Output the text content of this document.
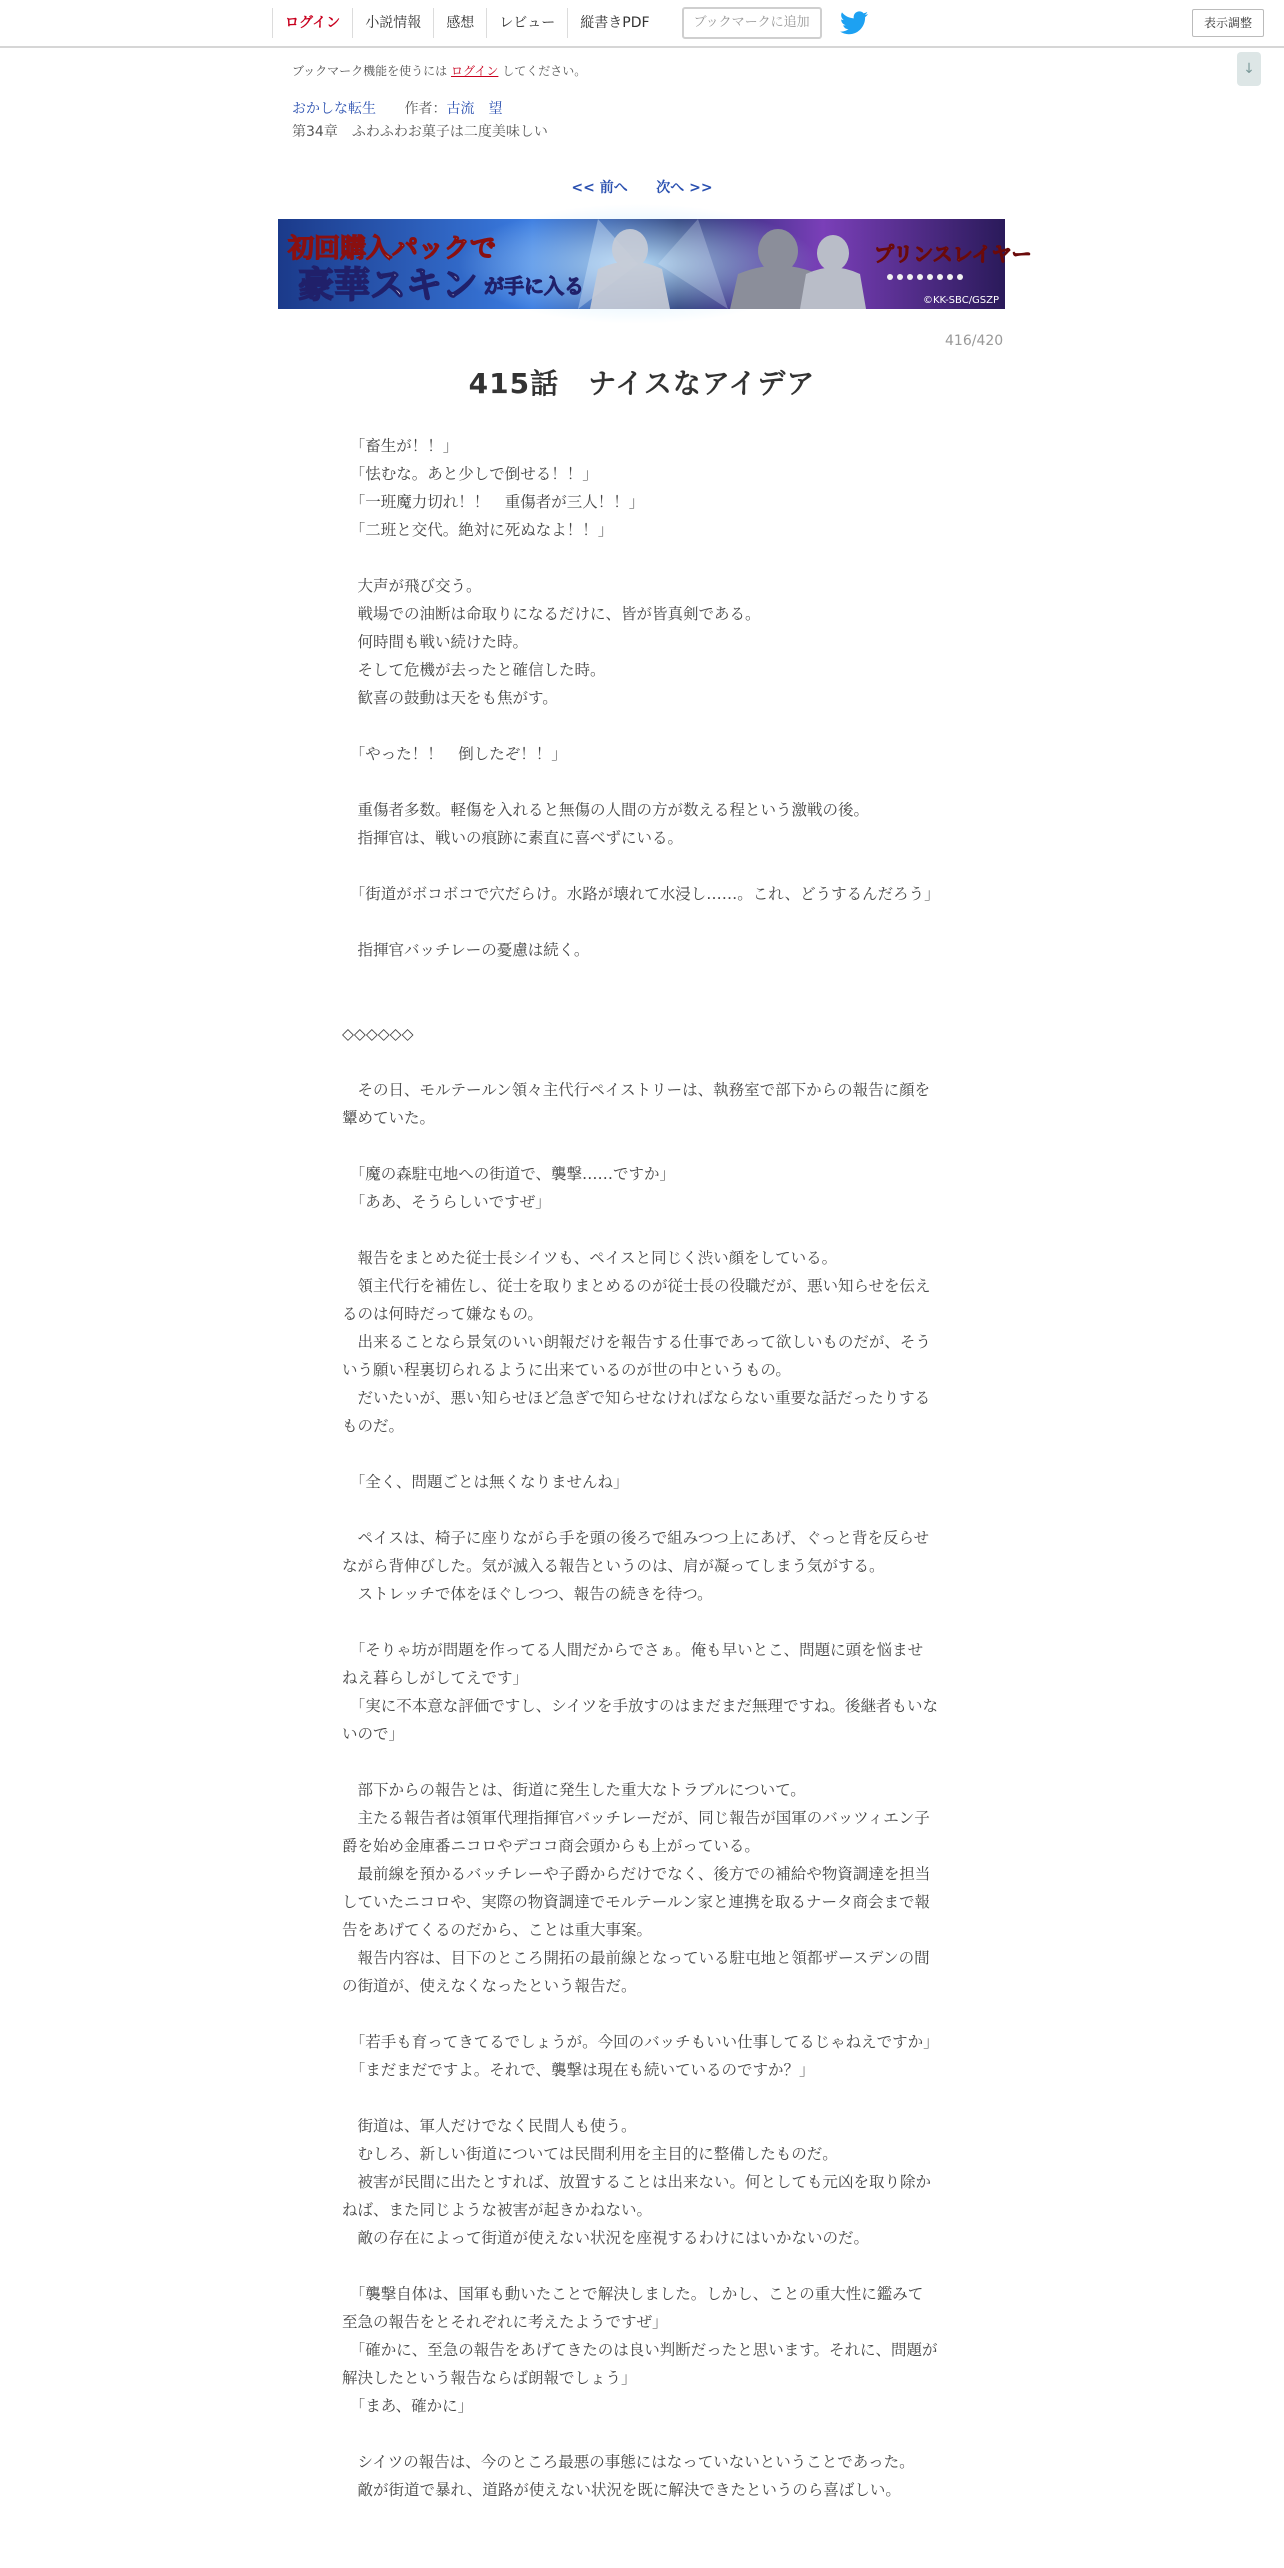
ログイン	小説情報	感想	レビュー	縦書きPDF	ブックマークに追加	表示調整
↓
ブックマーク機能を使うには ログイン してください。
おかしな転生 作者：古流　望
第34章　ふわふわお菓子は二度美味しい
<< 前へ 次へ >>
初回購入パックで
豪華スキン が手に入る
プリンスレイヤー
©KK-SBC/GSZP
416/420
415話　ナイスなアイデア

　「畜生が！！」

　「怯むな。あと少しで倒せる！！」

　「一班魔力切れ！！　重傷者が三人！！」

　「二班と交代。絶対に死ぬなよ！！」

　大声が飛び交う。

　戦場での油断は命取りになるだけに、皆が皆真剣である。

　何時間も戦い続けた時。

　そして危機が去ったと確信した時。

　歓喜の鼓動は天をも焦がす。

　「やった！！　倒したぞ！！」

　重傷者多数。軽傷を入れると無傷の人間の方が数える程という激戦の後。

　指揮官は、戦いの痕跡に素直に喜べずにいる。

　「街道がボコボコで穴だらけ。水路が壊れて水浸し……。これ、どうするんだろう」

　指揮官バッチレーの憂慮は続く。

◇◇◇◇◇◇

　その日、モルテールン領々主代行ペイストリーは、執務室で部下からの報告に顔を顰めていた。

　「魔の森駐屯地への街道で、襲撃……ですか」

　「ああ、そうらしいですぜ」

　報告をまとめた従士長シイツも、ペイスと同じく渋い顔をしている。

　領主代行を補佐し、従士を取りまとめるのが従士長の役職だが、悪い知らせを伝えるのは何時だって嫌なもの。

　出来ることなら景気のいい朗報だけを報告する仕事であって欲しいものだが、そういう願い程裏切られるように出来ているのが世の中というもの。

　だいたいが、悪い知らせほど急ぎで知らせなければならない重要な話だったりするものだ。

　「全く、問題ごとは無くなりませんね」

　ペイスは、椅子に座りながら手を頭の後ろで組みつつ上にあげ、ぐっと背を反らせながら背伸びした。気が滅入る報告というのは、肩が凝ってしまう気がする。

　ストレッチで体をほぐしつつ、報告の続きを待つ。

　「そりゃ坊が問題を作ってる人間だからでさぁ。俺も早いとこ、問題に頭を悩ませねえ暮らしがしてえです」

　「実に不本意な評価ですし、シイツを手放すのはまだまだ無理ですね。後継者もいないので」

　部下からの報告とは、街道に発生した重大なトラブルについて。

　主たる報告者は領軍代理指揮官バッチレーだが、同じ報告が国軍のバッツィエン子爵を始め金庫番ニコロやデココ商会頭からも上がっている。

　最前線を預かるバッチレーや子爵からだけでなく、後方での補給や物資調達を担当していたニコロや、実際の物資調達でモルテールン家と連携を取るナータ商会まで報告をあげてくるのだから、ことは重大事案。

　報告内容は、目下のところ開拓の最前線となっている駐屯地と領都ザースデンの間の街道が、使えなくなったという報告だ。

　「若手も育ってきてるでしょうが。今回のバッチもいい仕事してるじゃねえですか」

　「まだまだですよ。それで、襲撃は現在も続いているのですか？」

　街道は、軍人だけでなく民間人も使う。

　むしろ、新しい街道については民間利用を主目的に整備したものだ。

　被害が民間に出たとすれば、放置することは出来ない。何としても元凶を取り除かねば、また同じような被害が起きかねない。

　敵の存在によって街道が使えない状況を座視するわけにはいかないのだ。

　「襲撃自体は、国軍も動いたことで解決しました。しかし、ことの重大性に鑑みて至急の報告をとそれぞれに考えたようですぜ」

　「確かに、至急の報告をあげてきたのは良い判断だったと思います。それに、問題が解決したという報告ならば朗報でしょう」

　「まあ、確かに」

　シイツの報告は、今のところ最悪の事態にはなっていないということであった。

　敵が街道で暴れ、道路が使えない状況を既に解決できたというのら喜ばしい。
